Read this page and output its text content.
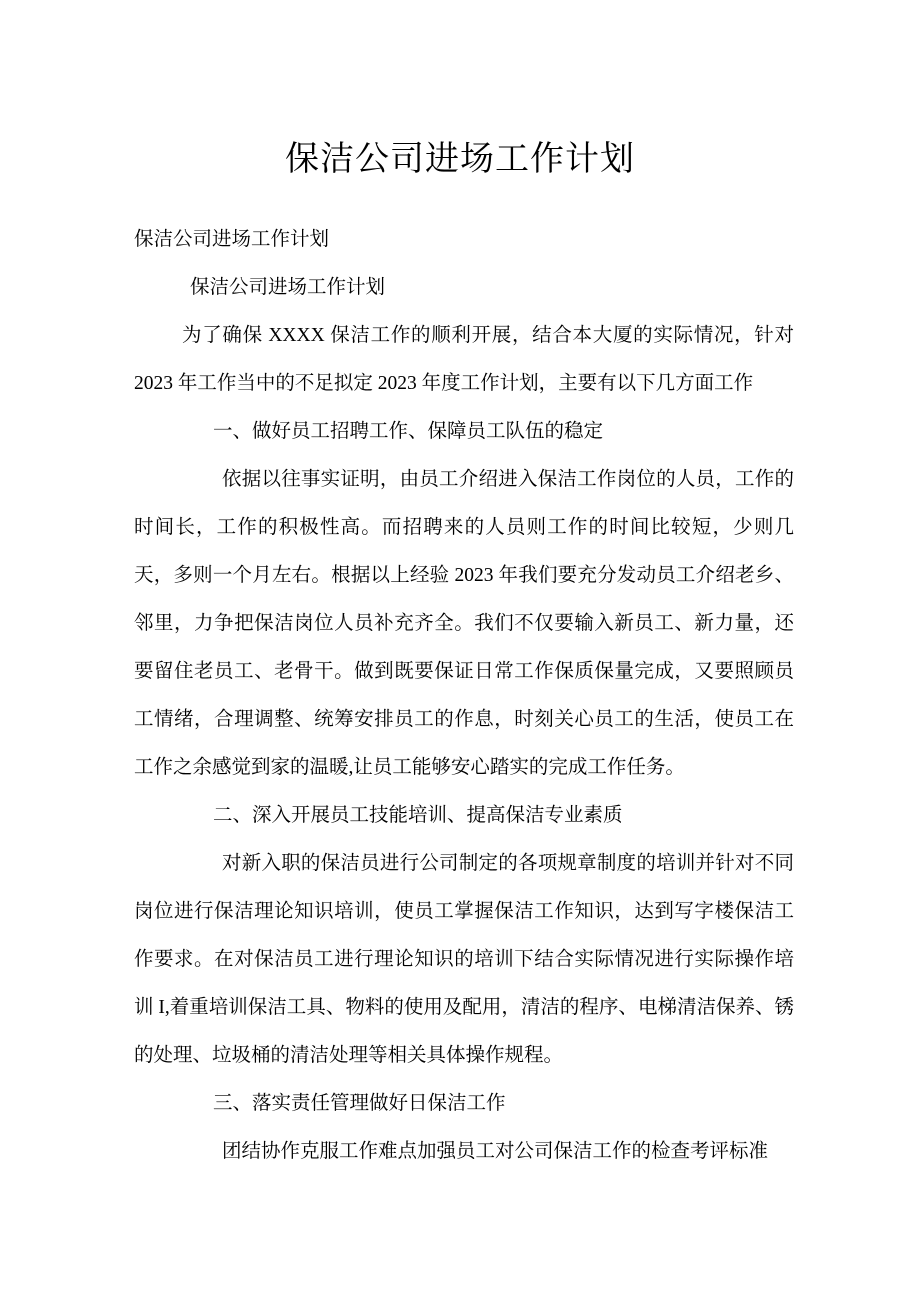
保洁公司进场工作计划

保洁公司进场工作计划

保洁公司进场工作计划

为了确保 XXXX 保洁工作的顺利开展，结合本大厦的实际情况，针对 2023 年工作当中的不足拟定 2023 年度工作计划，主要有以下几方面工作

一、做好员工招聘工作、保障员工队伍的稳定

依据以往事实证明，由员工介绍进入保洁工作岗位的人员，工作的时间长，工作的积极性高。而招聘来的人员则工作的时间比较短，少则几天，多则一个月左右。根据以上经验 2023 年我们要充分发动员工介绍老乡、邻里，力争把保洁岗位人员补充齐全。我们不仅要输入新员工、新力量，还要留住老员工、老骨干。做到既要保证日常工作保质保量完成，又要照顾员工情绪，合理调整、统筹安排员工的作息，时刻关心员工的生活，使员工在工作之余感觉到家的温暖,让员工能够安心踏实的完成工作任务。

二、深入开展员工技能培训、提高保洁专业素质

对新入职的保洁员进行公司制定的各项规章制度的培训并针对不同岗位进行保洁理论知识培训，使员工掌握保洁工作知识，达到写字楼保洁工作要求。在对保洁员工进行理论知识的培训下结合实际情况进行实际操作培训 I,着重培训保洁工具、物料的使用及配用，清洁的程序、电梯清洁保养、锈的处理、垃圾桶的清洁处理等相关具体操作规程。

三、落实责任管理做好日保洁工作

团结协作克服工作难点加强员工对公司保洁工作的检查考评标准
